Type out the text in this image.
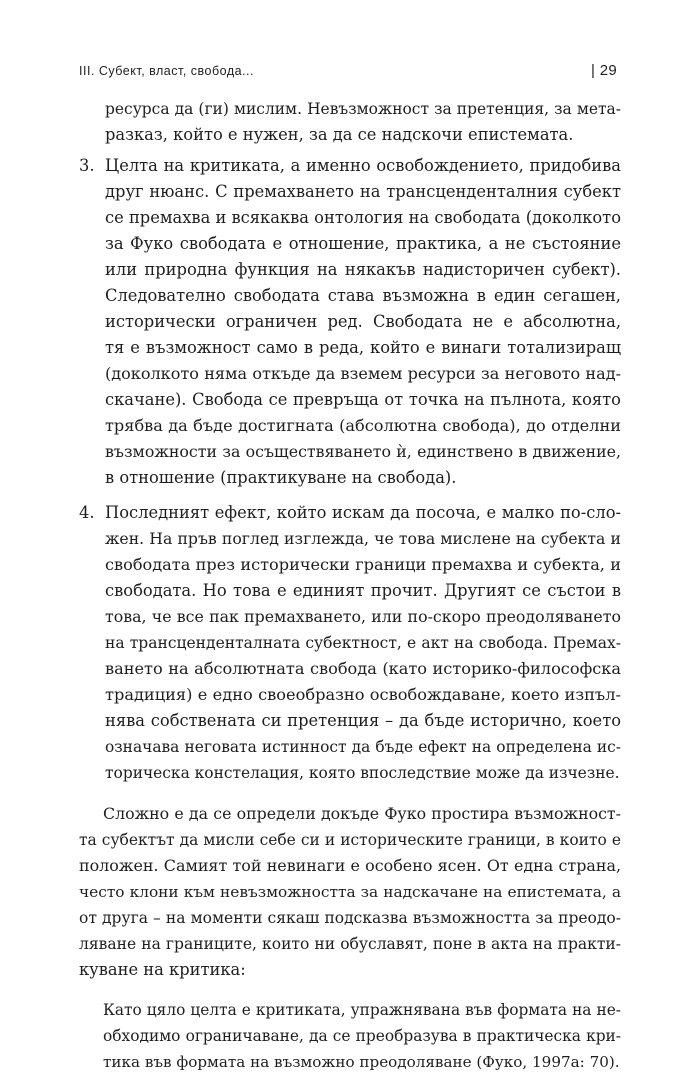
III. Субект, власт, свобода...	| 29
ресурса да (ги) мислим. Невъзможност за претенция, за мета-
разказ, който е нужен, за да се надскочи епистемата.
3. Целта на критиката, а именно освобождението, придобива
друг нюанс. С премахването на трансценденталния субект
се премахва и всякаква онтология на свободата (доколкото
за Фуко свободата е отношение, практика, а не състояние
или природна функция на някакъв надисторичен субект).
Следователно свободата става възможна в един сегашен,
исторически ограничен ред. Свободата не е абсолютна,
тя е възможност само в реда, който е винаги тотализиращ
(доколкото няма откъде да вземем ресурси за неговото над-
скачане). Свобода се превръща от точка на пълнота, която
трябва да бъде достигната (абсолютна свобода), до отделни
възможности за осъществяването ѝ, единствено в движение,
в отношение (практикуване на свобода).
4. Последният ефект, който искам да посоча, е малко по-сло-
жен. На пръв поглед изглежда, че това мислене на субекта и
свободата през исторически граници премахва и субекта, и
свободата. Но това е единият прочит. Другият се състои в
това, че все пак премахването, или по-скоро преодоляването
на трансценденталната субектност, е акт на свобода. Премах-
ването на абсолютната свобода (като историко-философска
традиция) е едно своеобразно освобождаване, което изпъл-
нява собствената си претенция – да бъде исторично, което
означава неговата истинност да бъде ефект на определена ис-
торическа констелация, която впоследствие може да изчезне.
Сложно е да се определи докъде Фуко простира възможност-
та субектът да мисли себе си и историческите граници, в които е
положен. Самият той невинаги е особено ясен. От една страна,
често клони към невъзможността за надскачане на епистемата, а
от друга – на моменти сякаш подсказва възможността за преодо-
ляване на границите, които ни обуславят, поне в акта на практи-
куване на критика:
Като цяло целта е критиката, упражнявана във формата на не-
обходимо ограничаване, да се преобразува в практическа кри-
тика във формата на възможно преодоляване (Фуко, 1997а: 70).
